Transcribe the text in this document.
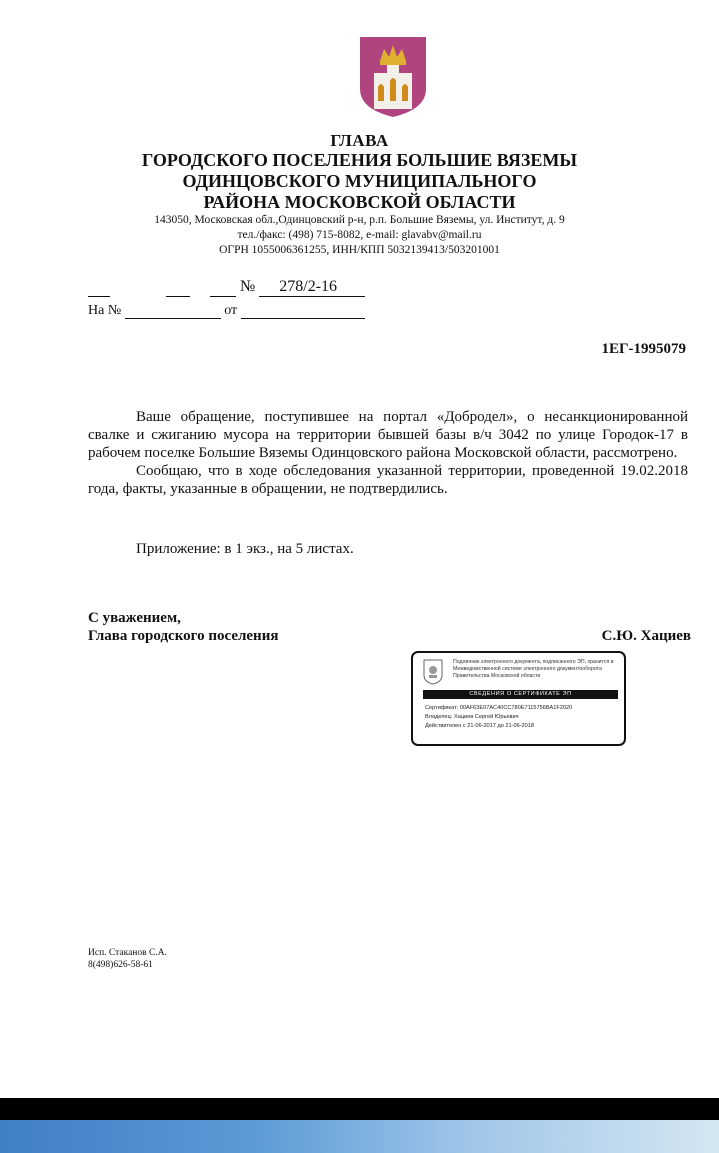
ГЛАВА
ГОРОДСКОГО ПОСЕЛЕНИЯ БОЛЬШИЕ ВЯЗЕМЫ
ОДИНЦОВСКОГО МУНИЦИПАЛЬНОГО
РАЙОНА МОСКОВСКОЙ ОБЛАСТИ
143050, Московская обл.,Одинцовский р-н, р.п. Большие Вяземы, ул. Институт, д. 9
тел./факс: (498) 715-8082, e-mail: glavabv@mail.ru
ОГРН 1055006361255, ИНН/КПП 5032139413/503201001
№ 278/2-16
На №	от
1ЕГ-1995079

Ваше обращение, поступившее на портал «Добродел», о несанкционированной свалке и сжиганию мусора на территории бывшей базы в/ч 3042 по улице Городок-17 в рабочем поселке Большие Вяземы Одинцовского района Московской области, рассмотрено.

Сообщаю, что в ходе обследования указанной территории, проведенной 19.02.2018 года, факты, указанные в обращении, не подтвердились.

Приложение: в 1 экз., на 5 листах.
С уважением,
Глава городского поселения	С.Ю. Хациев
Подлинник электронного документа, подписанного ЭП, хранится в Межведомственной системе электронного документооборота Правительства Московской области
СВЕДЕНИЯ О СЕРТИФИКАТЕ ЭП
Сертификат: 00AF63E07AC40CC780E7115756BA1F2020
Владелец: Хациев Сергей Юрьевич
Действителен с 21-06-2017 до 21-06-2018
Исп. Стаканов С.А.
8(498)626-58-61
